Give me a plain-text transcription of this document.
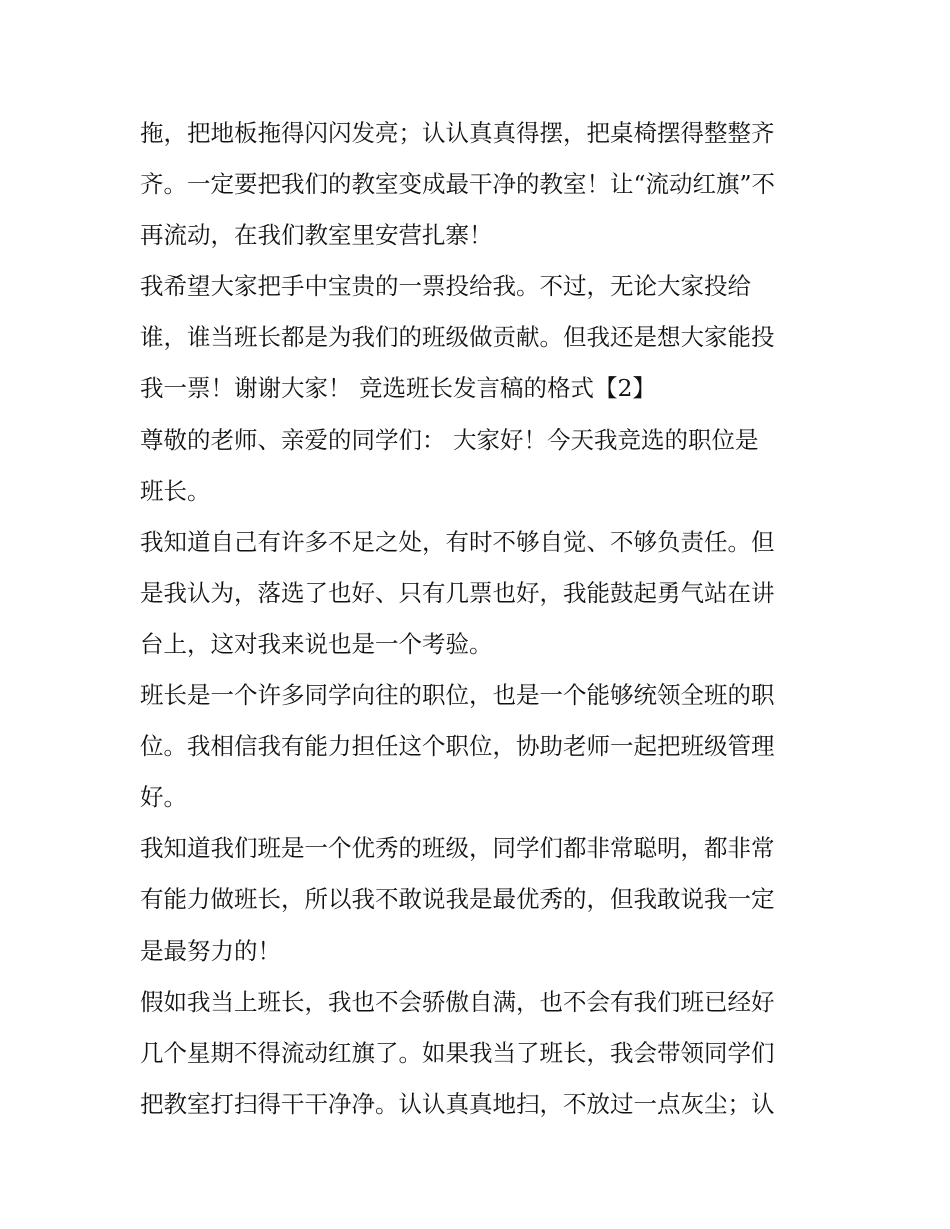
拖，把地板拖得闪闪发亮；认认真真得摆，把桌椅摆得整整齐

齐。一定要把我们的教室变成最干净的教室！让“流动红旗”不

再流动，在我们教室里安营扎寨！

我希望大家把手中宝贵的一票投给我。不过，无论大家投给

谁，谁当班长都是为我们的班级做贡献。但我还是想大家能投

我一票！谢谢大家！ 竞选班长发言稿的格式【2】

尊敬的老师、亲爱的同学们： 大家好！今天我竞选的职位是

班长。

我知道自己有许多不足之处，有时不够自觉、不够负责任。但

是我认为，落选了也好、只有几票也好，我能鼓起勇气站在讲

台上，这对我来说也是一个考验。

班长是一个许多同学向往的职位，也是一个能够统领全班的职

位。我相信我有能力担任这个职位，协助老师一起把班级管理

好。

我知道我们班是一个优秀的班级，同学们都非常聪明，都非常

有能力做班长，所以我不敢说我是最优秀的，但我敢说我一定

是最努力的！

假如我当上班长，我也不会骄傲自满，也不会有我们班已经好

几个星期不得流动红旗了。如果我当了班长，我会带领同学们

把教室打扫得干干净净。认认真真地扫，不放过一点灰尘；认
